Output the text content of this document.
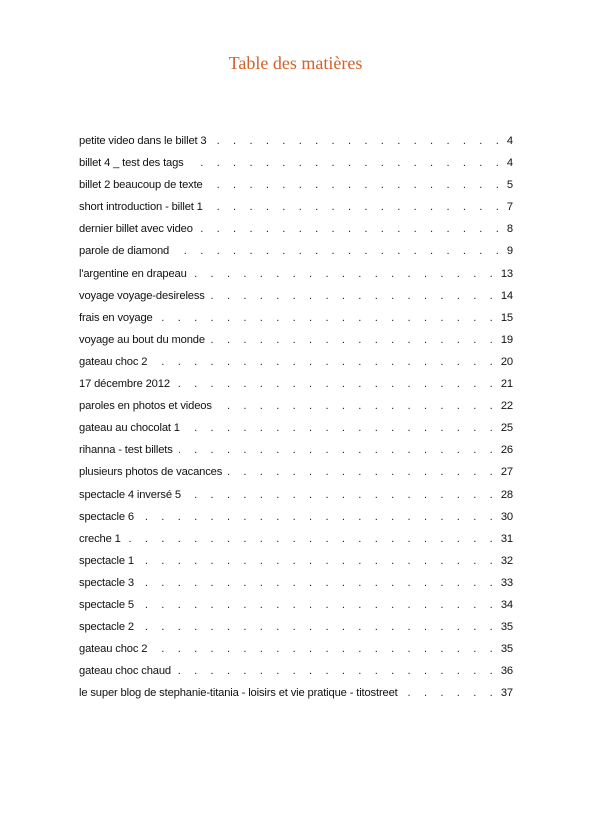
Table des matières
petite video dans le billet 3 . . .	4
billet 4 _ test des tags . . .	4
billet 2 beaucoup de texte . . .	5
short introduction - billet 1 . . .	7
dernier billet avec video . . .	8
parole de diamond . . .	9
l'argentine en drapeau . . .	13
voyage voyage-desireless . . .	14
frais en voyage . . .	15
voyage au bout du monde . . .	19
gateau choc 2 . . .	20
17 décembre 2012 . . .	21
paroles en photos et videos . . .	22
gateau au chocolat 1 . . .	25
rihanna - test billets . . .	26
plusieurs photos de vacances . . .	27
spectacle 4 inversé 5 . . .	28
spectacle 6 . . .	30
creche 1 . . .	31
spectacle 1 . . .	32
spectacle 3 . . .	33
spectacle 5 . . .	34
spectacle 2 . . .	35
gateau choc 2 . . .	35
gateau choc chaud . . .	36
le super blog de stephanie-titania - loisirs et vie pratique - titostreet . . .	37
